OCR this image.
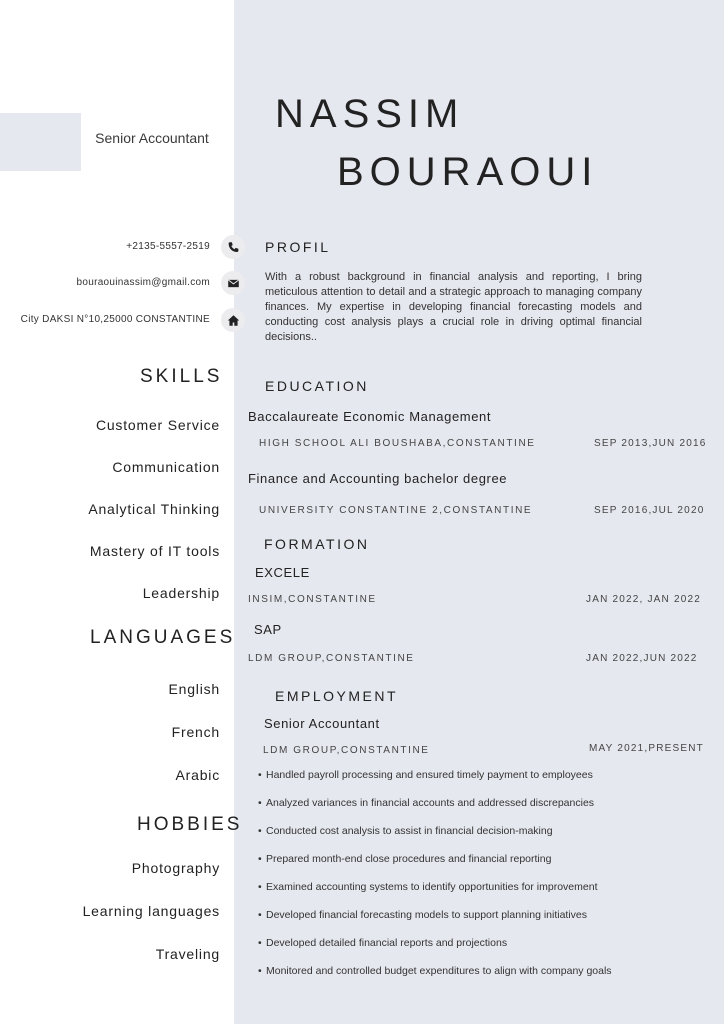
Senior Accountant
NASSIM
BOURAOUI
+2135-5557-2519
bouraouinassim@gmail.com
City DAKSI N°10,25000 CONSTANTINE
SKILLS
Customer Service
Communication
Analytical Thinking
Mastery of IT tools
Leadership
LANGUAGES
English
French
Arabic
HOBBIES
Photography
Learning languages
Traveling
PROFIL
With a robust background in financial analysis and reporting, I bring meticulous attention to detail and a strategic approach to managing company finances. My expertise in developing financial forecasting models and conducting cost analysis plays a crucial role in driving optimal financial decisions..
EDUCATION
Baccalaureate Economic Management
HIGH SCHOOL ALI BOUSHABA,CONSTANTINE	SEP 2013,JUN 2016
Finance and Accounting bachelor degree
UNIVERSITY CONSTANTINE 2,CONSTANTINE	SEP 2016,JUL 2020
FORMATION
EXCELE
INSIM,CONSTANTINE	JAN 2022, JAN 2022
SAP
LDM GROUP,CONSTANTINE	JAN 2022,JUN 2022
EMPLOYMENT
Senior Accountant
LDM GROUP,CONSTANTINE	MAY 2021,PRESENT
• Handled payroll processing and ensured timely payment to employees
• Analyzed variances in financial accounts and addressed discrepancies
• Conducted cost analysis to assist in financial decision-making
• Prepared month-end close procedures and financial reporting
• Examined accounting systems to identify opportunities for improvement
• Developed financial forecasting models to support planning initiatives
• Developed detailed financial reports and projections
• Monitored and controlled budget expenditures to align with company goals
